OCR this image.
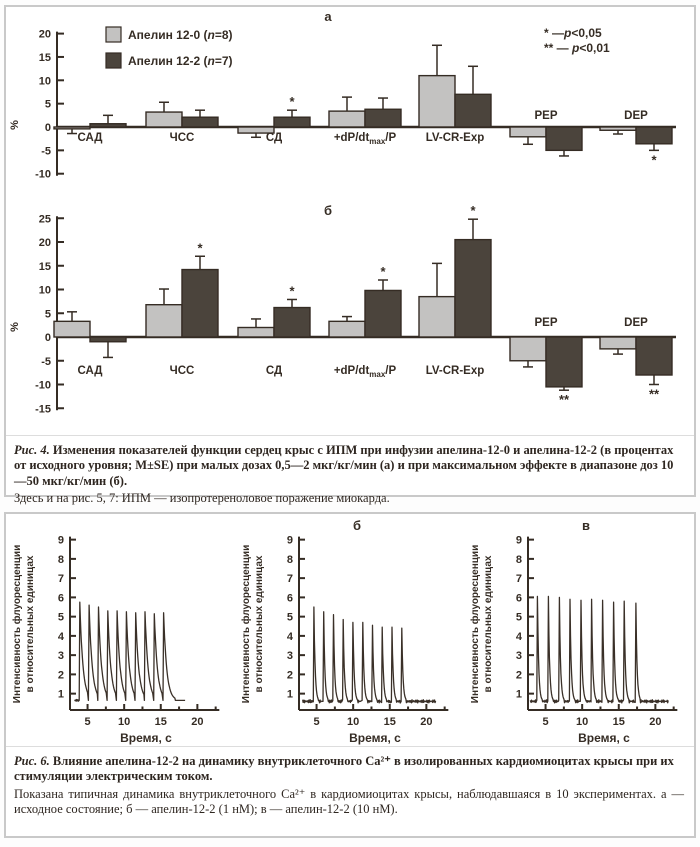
а
20
15
10
5
0
-5
-10
%
*
*
САД	ЧСС	СД	$+dP/dt_{max}/P$	LV-CR-Exp
PEP	DEP
Апелин 12-0 (n=8)
Апелин 12-2 (n=7)
* —p<0,05
** — p<0,01
б
25
20
15
10
5
0
-5
-10
-15
%
*
*
*
*
**	**
САД	ЧСС	СД	$+dP/dt_{max}/P$	LV-CR-Exp
PEP	DEP

Рис. 4. Изменения показателей функции сердец крыс с ИПМ при инфузии апелина-12-0 и апелина-12-2 (в процентах от исходного уровня; M±SE) при малых дозах 0,5—2 мкг/кг/мин (а) и при максимальном эффекте в диапазоне доз 10—50 мкг/кг/мин (б).

Здесь и на рис. 5, 7: ИПМ — изопротереноловое поражение миокарда.

1
2
3
4
5
6
7
8
9
5 10 15 20
Время, с
Интенсивность флуоресценции в относительных единицах
б
1
2
3
4
5
6
7
8
9
5 10 15 20
Время, с
Интенсивность флуоресценции в относительных единицах
в
1
2
3
4
5
6
7
8
9
5 10 15 20
Время, с
Интенсивность флуоресценции в относительных единицах

Рис. 6. Влияние апелина-12-2 на динамику внутриклеточного Ca²⁺ в изолированных кардиомиоцитах крысы при их стимуляции электрическим током.

Показана типичная динамика внутриклеточного Ca²⁺ в кардиомиоцитах крысы, наблюдавшаяся в 10 экспериментах. а — исходное состояние; б — апелин-12-2 (1 нМ); в — апелин-12-2 (10 нМ).
